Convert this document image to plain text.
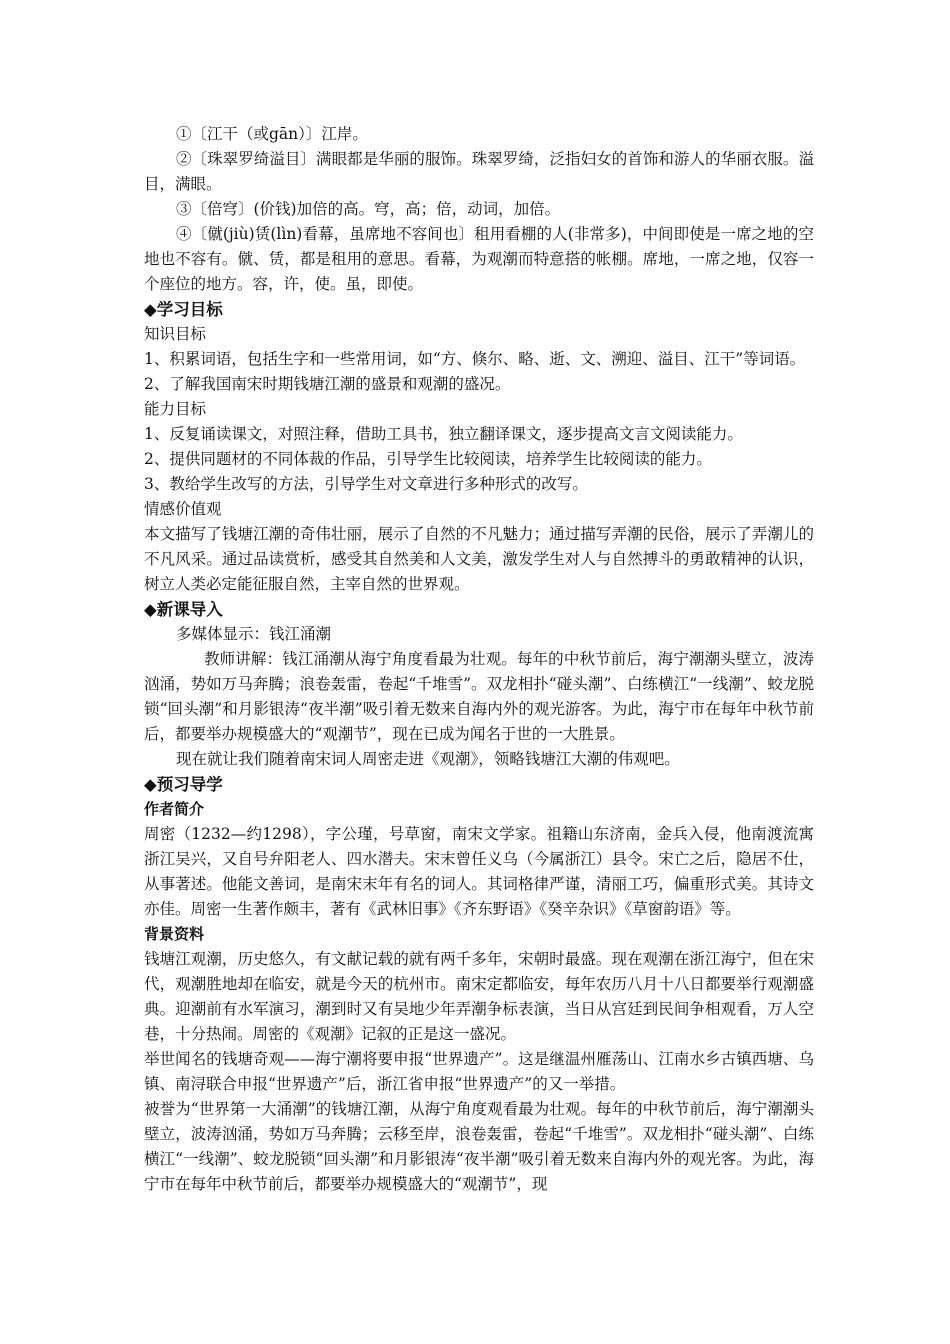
①〔江干（或gān）〕江岸。

②〔珠翠罗绮溢目〕满眼都是华丽的服饰。珠翠罗绮，泛指妇女的首饰和游人的华丽衣服。溢目，满眼。

③〔倍穹〕(价钱)加倍的高。穹，高；倍，动词，加倍。

④〔僦(jiù)赁(lìn)看幕，虽席地不容间也〕租用看棚的人(非常多)，中间即使是一席之地的空地也不容有。僦、赁，都是租用的意思。看幕，为观潮而特意搭的帐棚。席地，一席之地，仅容一个座位的地方。容，许，使。虽，即使。

◆学习目标

知识目标

1、积累词语，包括生字和一些常用词，如“方、倏尔、略、逝、文、溯迎、溢目、江干”等词语。

2、了解我国南宋时期钱塘江潮的盛景和观潮的盛况。

能力目标

1、反复诵读课文，对照注释，借助工具书，独立翻译课文，逐步提高文言文阅读能力。

2、提供同题材的不同体裁的作品，引导学生比较阅读，培养学生比较阅读的能力。

3、教给学生改写的方法，引导学生对文章进行多种形式的改写。

情感价值观

本文描写了钱塘江潮的奇伟壮丽，展示了自然的不凡魅力；通过描写弄潮的民俗，展示了弄潮儿的不凡风采。通过品读赏析，感受其自然美和人文美，激发学生对人与自然搏斗的勇敢精神的认识，树立人类必定能征服自然，主宰自然的世界观。

◆新课导入

多媒体显示：钱江涌潮

教师讲解：钱江涌潮从海宁角度看最为壮观。每年的中秋节前后，海宁潮潮头壁立，波涛汹涌，势如万马奔腾；浪卷轰雷，卷起“千堆雪”。双龙相扑“碰头潮”、白练横江“一线潮”、蛟龙脱锁“回头潮”和月影银涛“夜半潮”吸引着无数来自海内外的观光游客。为此，海宁市在每年中秋节前后，都要举办规模盛大的“观潮节”，现在已成为闻名于世的一大胜景。

现在就让我们随着南宋词人周密走进《观潮》，领略钱塘江大潮的伟观吧。

◆预习导学

作者简介

周密（1232—约1298），字公瑾，号草窗，南宋文学家。祖籍山东济南，金兵入侵，他南渡流寓浙江吴兴，又自号弁阳老人、四水潜夫。宋末曾任义乌（今属浙江）县令。宋亡之后，隐居不仕，从事著述。他能文善词，是南宋末年有名的词人。其词格律严谨，清丽工巧，偏重形式美。其诗文亦佳。周密一生著作颇丰，著有《武林旧事》《齐东野语》《癸辛杂识》《草窗韵语》等。

背景资料

钱塘江观潮，历史悠久，有文献记载的就有两千多年，宋朝时最盛。现在观潮在浙江海宁，但在宋代，观潮胜地却在临安，就是今天的杭州市。南宋定都临安，每年农历八月十八日都要举行观潮盛典。迎潮前有水军演习，潮到时又有吴地少年弄潮争标表演，当日从宫廷到民间争相观看，万人空巷，十分热闹。周密的《观潮》记叙的正是这一盛况。

举世闻名的钱塘奇观——海宁潮将要申报“世界遗产”。这是继温州雁荡山、江南水乡古镇西塘、乌镇、南浔联合申报“世界遗产”后，浙江省申报“世界遗产”的又一举措。

被誉为“世界第一大涌潮”的钱塘江潮，从海宁角度观看最为壮观。每年的中秋节前后，海宁潮潮头壁立，波涛汹涌，势如万马奔腾；云移至岸，浪卷轰雷，卷起“千堆雪”。双龙相扑“碰头潮”、白练横江“一线潮”、蛟龙脱锁“回头潮”和月影银涛“夜半潮”吸引着无数来自海内外的观光客。为此，海宁市在每年中秋节前后，都要举办规模盛大的“观潮节”，现
